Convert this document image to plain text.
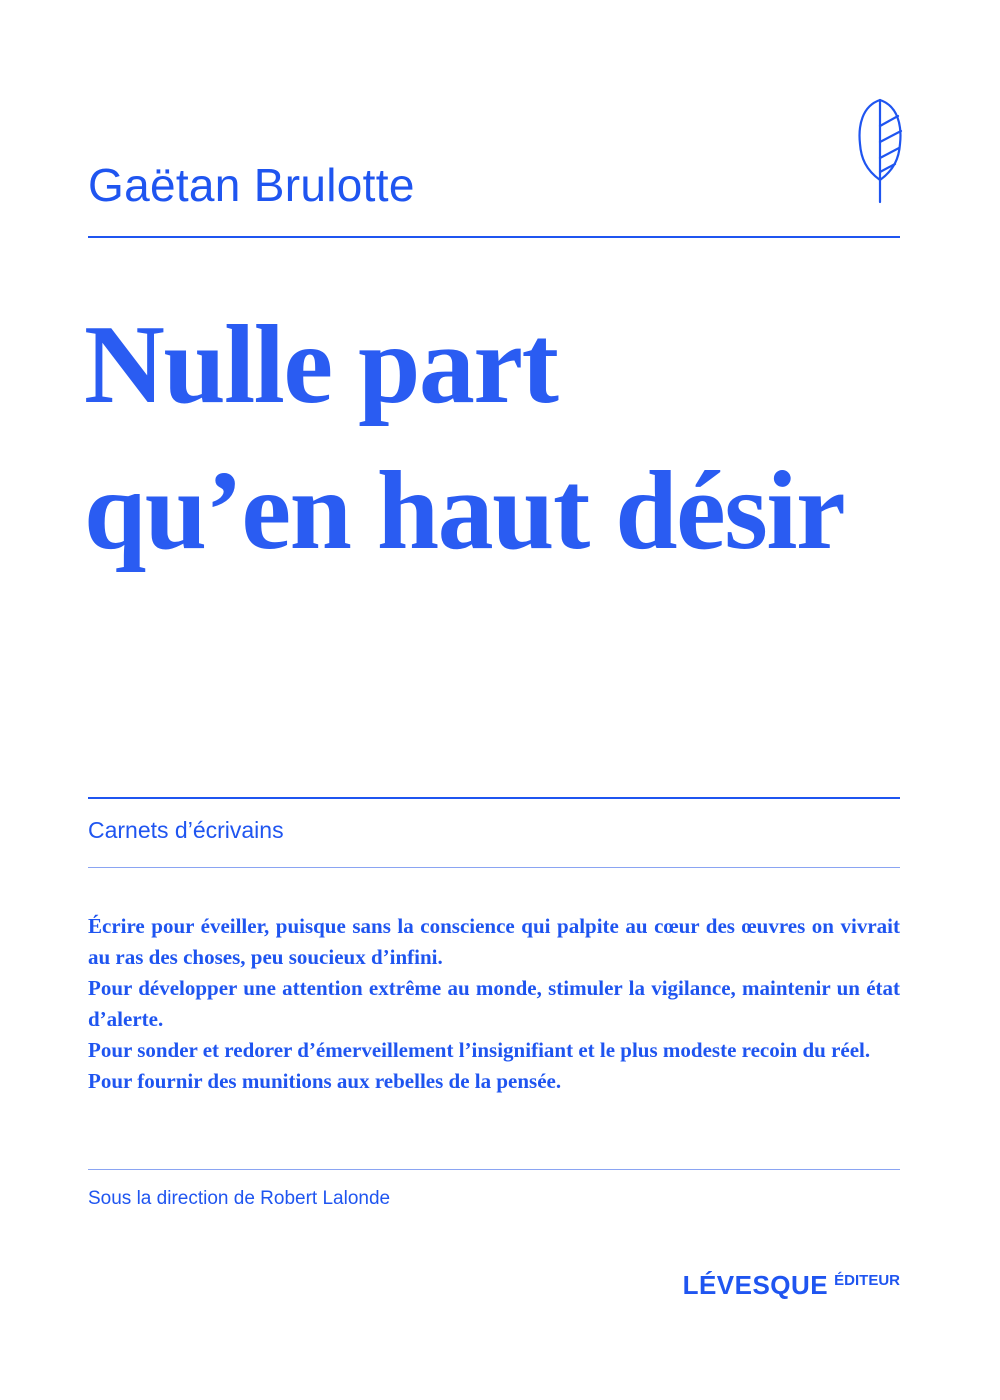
Gaëtan Brulotte
Nulle part
qu’en haut désir
Carnets d’écrivains

Écrire pour éveiller, puisque sans la conscience qui palpite au cœur des œuvres on vivrait au ras des choses, peu soucieux d’infini.

Pour développer une attention extrême au monde, stimuler la vigilance, maintenir un état d’alerte.

Pour sonder et redorer d’émerveillement l’insignifiant et le plus modeste recoin du réel.

Pour fournir des munitions aux rebelles de la pensée.

Sous la direction de Robert Lalonde
LÉVESQUE ÉDITEUR
